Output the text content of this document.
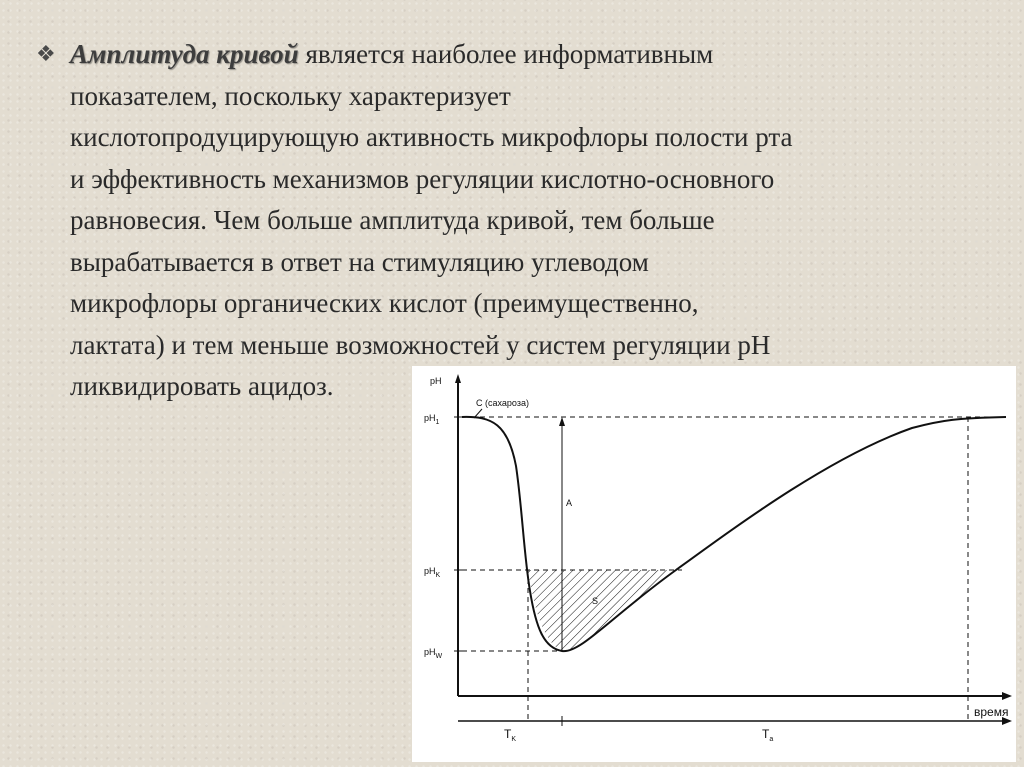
❖ Амплитуда кривой является наиболее информативным
показателем, поскольку характеризует
кислотопродуцирующую активность микрофлоры полости рта
и эффективность механизмов регуляции кислотно-основного
равновесия. Чем больше амплитуда кривой, тем больше
вырабатывается в ответ на стимуляцию углеводом
микрофлоры органических кислот (преимущественно,
лактата) и тем меньше возможностей у систем регуляции рН
ликвидировать ацидоз.	pH
$pH_1$
$pH_K$
$pH_W$
S
A
С (сахароза)
время
$T_K$	$T_a$
